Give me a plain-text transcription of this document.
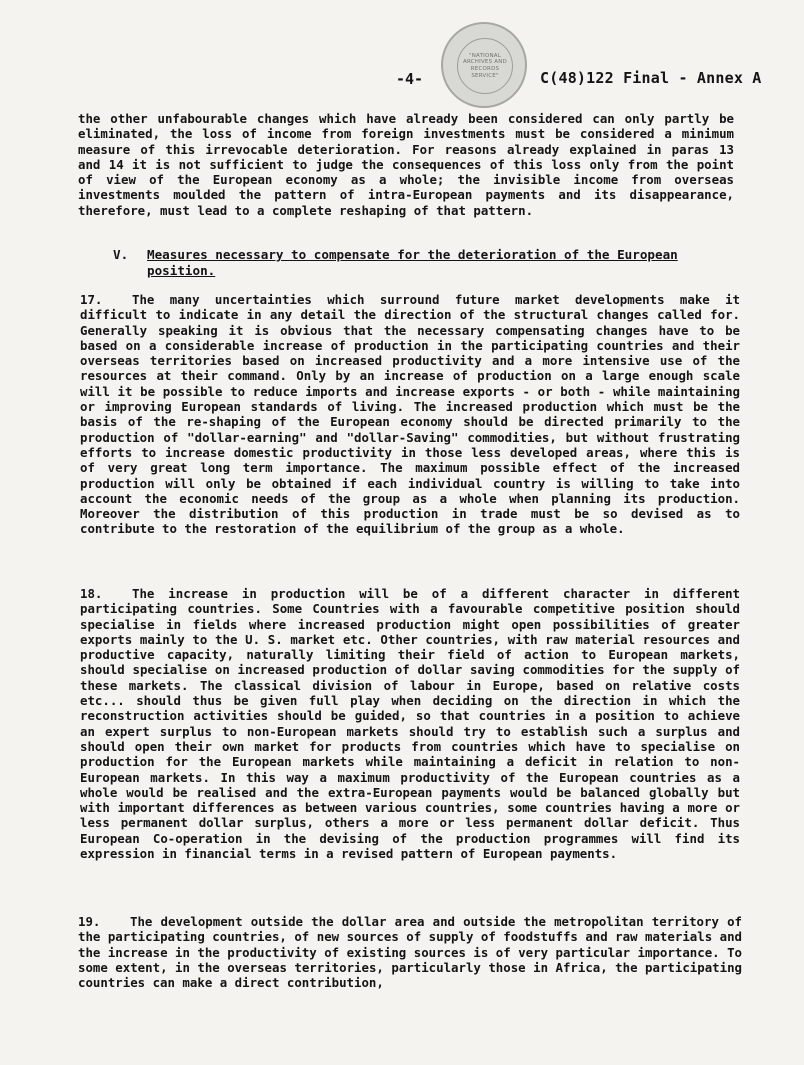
"NATIONAL
ARCHIVES AND
RECORDS
SERVICE"
-4-	C(48)122 Final - Annex A

the other unfabourable changes which have already been considered can only partly be eliminated, the loss of income from foreign investments must be considered a minimum measure of this irrevocable deterioration. For reasons already explained in paras 13 and 14 it is not sufficient to judge the consequences of this loss only from the point of view of the European economy as a whole; the invisible income from overseas investments moulded the pattern of intra-European payments and its disappearance, therefore, must lead to a complete reshaping of that pattern.

V. Measures necessary to compensate for the deterioration of the European position.

17. The many uncertainties which surround future market developments make it difficult to indicate in any detail the direction of the structural changes called for. Generally speaking it is obvious that the necessary compensating changes have to be based on a considerable increase of production in the participating countries and their overseas territories based on increased productivity and a more intensive use of the resources at their command. Only by an increase of production on a large enough scale will it be possible to reduce imports and increase exports - or both - while maintaining or improving European standards of living. The increased production which must be the basis of the re-shaping of the European economy should be directed primarily to the production of "dollar-earning" and "dollar-Saving" commodities, but without frustrating efforts to increase domestic productivity in those less developed areas, where this is of very great long term importance. The maximum possible effect of the increased production will only be obtained if each individual country is willing to take into account the economic needs of the group as a whole when planning its production. Moreover the distribution of this production in trade must be so devised as to contribute to the restoration of the equilibrium of the group as a whole.

18. The increase in production will be of a different character in different participating countries. Some Countries with a favourable competitive position should specialise in fields where increased production might open possibilities of greater exports mainly to the U. S. market etc. Other countries, with raw material resources and productive capacity, naturally limiting their field of action to European markets, should specialise on increased production of dollar saving commodities for the supply of these markets. The classical division of labour in Europe, based on relative costs etc... should thus be given full play when deciding on the direction in which the reconstruction activities should be guided, so that countries in a position to achieve an expert surplus to non-European markets should try to establish such a surplus and should open their own market for products from countries which have to specialise on production for the European markets while maintaining a deficit in relation to non-European markets. In this way a maximum productivity of the European countries as a whole would be realised and the extra-European payments would be balanced globally but with important differences as between various countries, some countries having a more or less permanent dollar surplus, others a more or less permanent dollar deficit. Thus European Co-operation in the devising of the production programmes will find its expression in financial terms in a revised pattern of European payments.

19. The development outside the dollar area and outside the metropolitan territory of the participating countries, of new sources of supply of foodstuffs and raw materials and the increase in the productivity of existing sources is of very particular importance. To some extent, in the overseas territories, particularly those in Africa, the participating countries can make a direct contribution,
